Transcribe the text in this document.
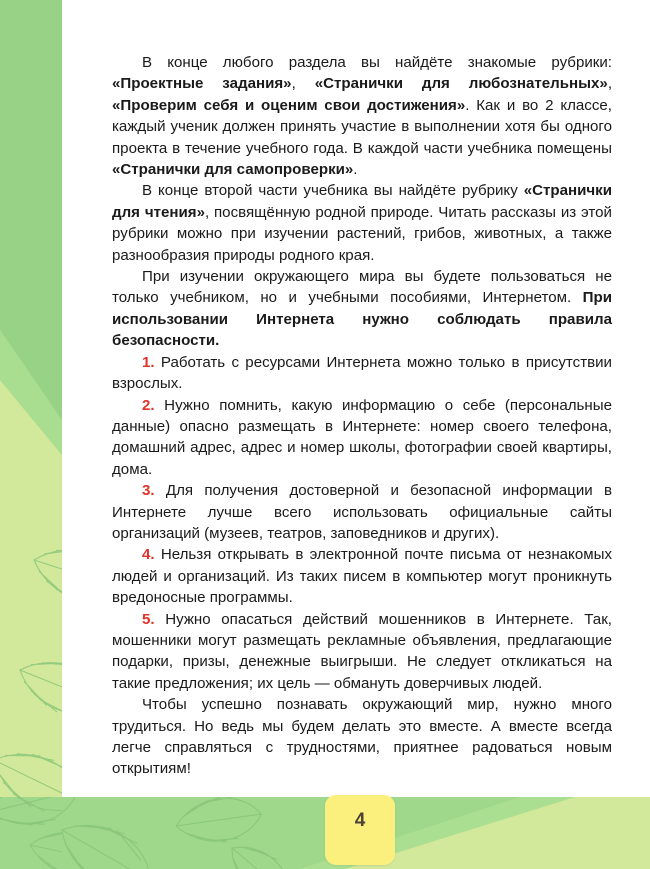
В конце любого раздела вы найдёте знакомые рубрики: «Проектные задания», «Странички для любознательных», «Проверим себя и оценим свои достижения». Как и во 2 классе, каждый ученик должен принять участие в выполнении хотя бы одного проекта в течение учебного года. В каждой части учебника помещены «Странички для самопроверки».

В конце второй части учебника вы найдёте рубрику «Странички для чтения», посвящённую родной природе. Читать рассказы из этой рубрики можно при изучении растений, грибов, животных, а также разнообразия природы родного края.

При изучении окружающего мира вы будете пользоваться не только учебником, но и учебными пособиями, Интернетом. При использовании Интернета нужно соблюдать правила безопасности.

1. Работать с ресурсами Интернета можно только в присутствии взрослых.

2. Нужно помнить, какую информацию о себе (персональные данные) опасно размещать в Интернете: номер своего телефона, домашний адрес, адрес и номер школы, фотографии своей квартиры, дома.

3. Для получения достоверной и безопасной информации в Интернете лучше всего использовать официальные сайты организаций (музеев, театров, заповедников и других).

4. Нельзя открывать в электронной почте письма от незнакомых людей и организаций. Из таких писем в компьютер могут проникнуть вредоносные программы.

5. Нужно опасаться действий мошенников в Интернете. Так, мошенники могут размещать рекламные объявления, предлагающие подарки, призы, денежные выигрыши. Не следует откликаться на такие предложения; их цель — обмануть доверчивых людей.

Чтобы успешно познавать окружающий мир, нужно много трудиться. Но ведь мы будем делать это вместе. А вместе всегда легче справляться с трудностями, приятнее радоваться новым открытиям!

4
